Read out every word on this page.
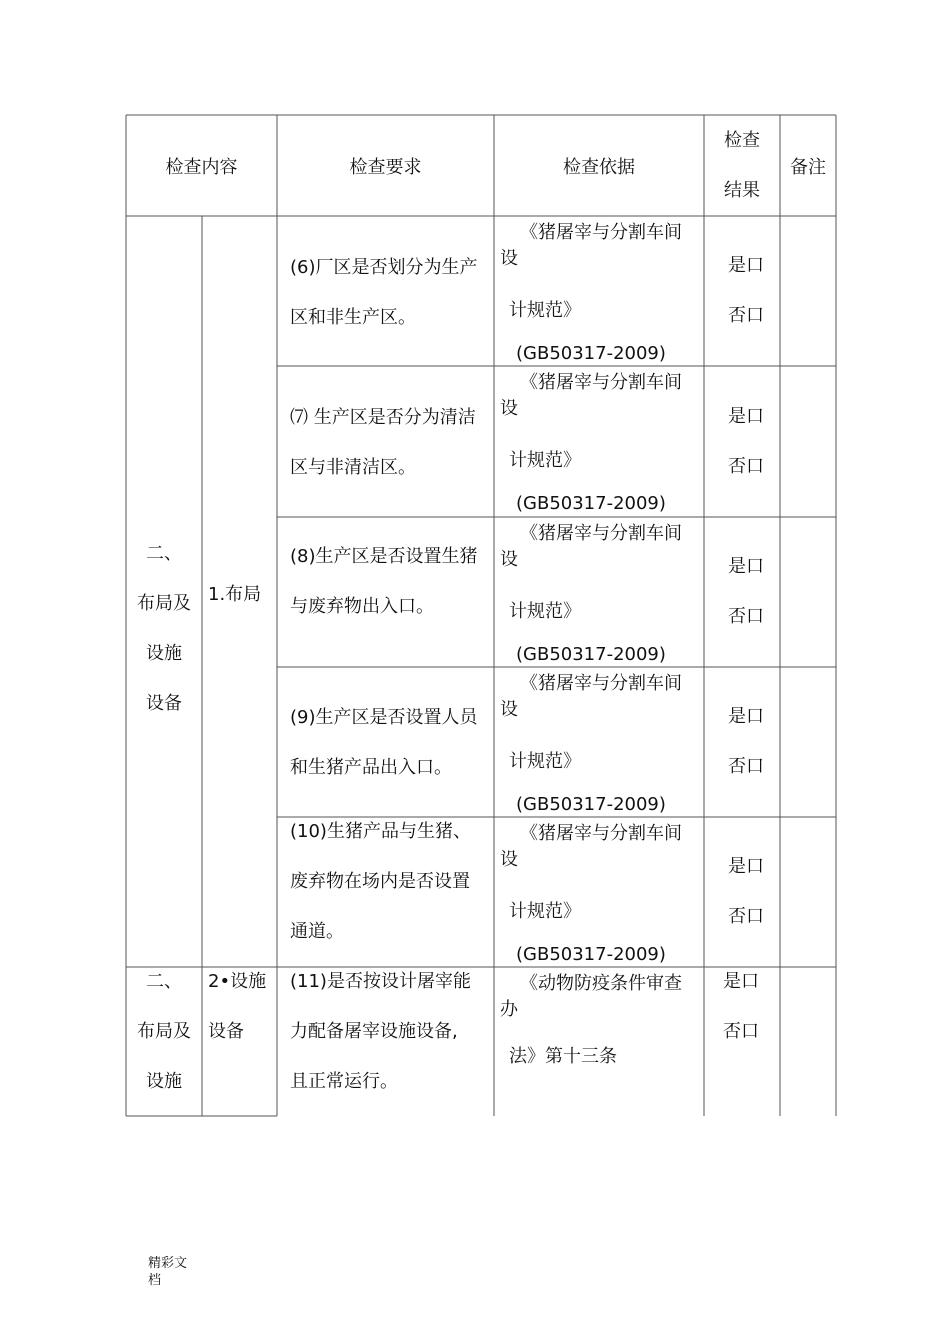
检查内容	检查要求	检查依据
检查
结果
备注
二、
布局及
设施
设备
1.布局
(6)厂区是否划分为生产
区和非生产区。
《猪屠宰与分割车间
设
计规范》
(GB50317-2009)
是口
否口
⑺ 生产区是否分为清洁
区与非清洁区。
《猪屠宰与分割车间
设
计规范》
(GB50317-2009)
是口
否口
(8)生产区是否设置生猪
与废弃物出入口。
《猪屠宰与分割车间
设
计规范》
(GB50317-2009)
是口
否口
(9)生产区是否设置人员
和生猪产品出入口。
《猪屠宰与分割车间
设
计规范》
(GB50317-2009)
是口
否口
(10)生猪产品与生猪、
废弃物在场内是否设置
通道。
《猪屠宰与分割车间
设
计规范》
(GB50317-2009)
是口
否口
二、
布局及
设施
2•设施
设备
(11)是否按设计屠宰能
力配备屠宰设施设备,
且正常运行。
《动物防疫条件审查
办
法》第十三条
是口
否口
精彩文
档
